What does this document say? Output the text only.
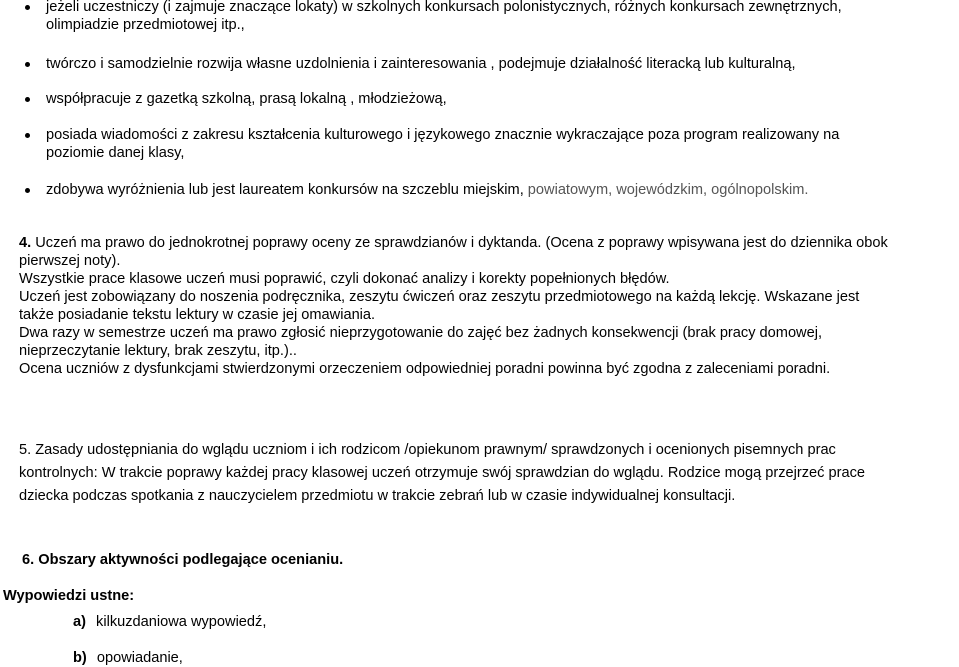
jeżeli uczestniczy (i zajmuje znaczące lokaty) w szkolnych konkursach polonistycznych, różnych konkursach zewnętrznych,
olimpiadzie przedmiotowej itp.,
twórczo i samodzielnie rozwija własne uzdolnienia i zainteresowania , podejmuje działalność literacką lub kulturalną,
współpracuje z gazetką szkolną, prasą lokalną , młodzieżową,
posiada wiadomości z zakresu kształcenia kulturowego i językowego znacznie wykraczające poza program realizowany na
poziomie danej klasy,
zdobywa wyróżnienia lub jest laureatem konkursów na szczeblu miejskim, powiatowym, wojewódzkim, ogólnopolskim.
4. Uczeń ma prawo do jednokrotnej poprawy oceny ze sprawdzianów i dyktanda. (Ocena z poprawy wpisywana jest do dziennika obok
pierwszej noty).
Wszystkie prace klasowe uczeń musi poprawić, czyli dokonać analizy i korekty popełnionych błędów.
Uczeń jest zobowiązany do noszenia podręcznika, zeszytu ćwiczeń oraz zeszytu przedmiotowego na każdą lekcję. Wskazane jest
także posiadanie tekstu lektury w czasie jej omawiania.
Dwa razy w semestrze uczeń ma prawo zgłosić nieprzygotowanie do zajęć bez żadnych konsekwencji (brak pracy domowej,
nieprzeczytanie lektury, brak zeszytu, itp.)..
Ocena uczniów z dysfunkcjami stwierdzonymi orzeczeniem odpowiedniej poradni powinna być zgodna z zaleceniami poradni.
5. Zasady udostępniania do wglądu uczniom i ich rodzicom /opiekunom prawnym/ sprawdzonych i ocenionych pisemnych prac
kontrolnych: W trakcie poprawy każdej pracy klasowej uczeń otrzymuje swój sprawdzian do wglądu. Rodzice mogą przejrzeć prace
dziecka podczas spotkania z nauczycielem przedmiotu w trakcie zebrań lub w czasie indywidualnej konsultacji.
6. Obszary aktywności podlegające ocenianiu.
Wypowiedzi ustne:
a) kilkuzdaniowa wypowiedź,
b) opowiadanie,
